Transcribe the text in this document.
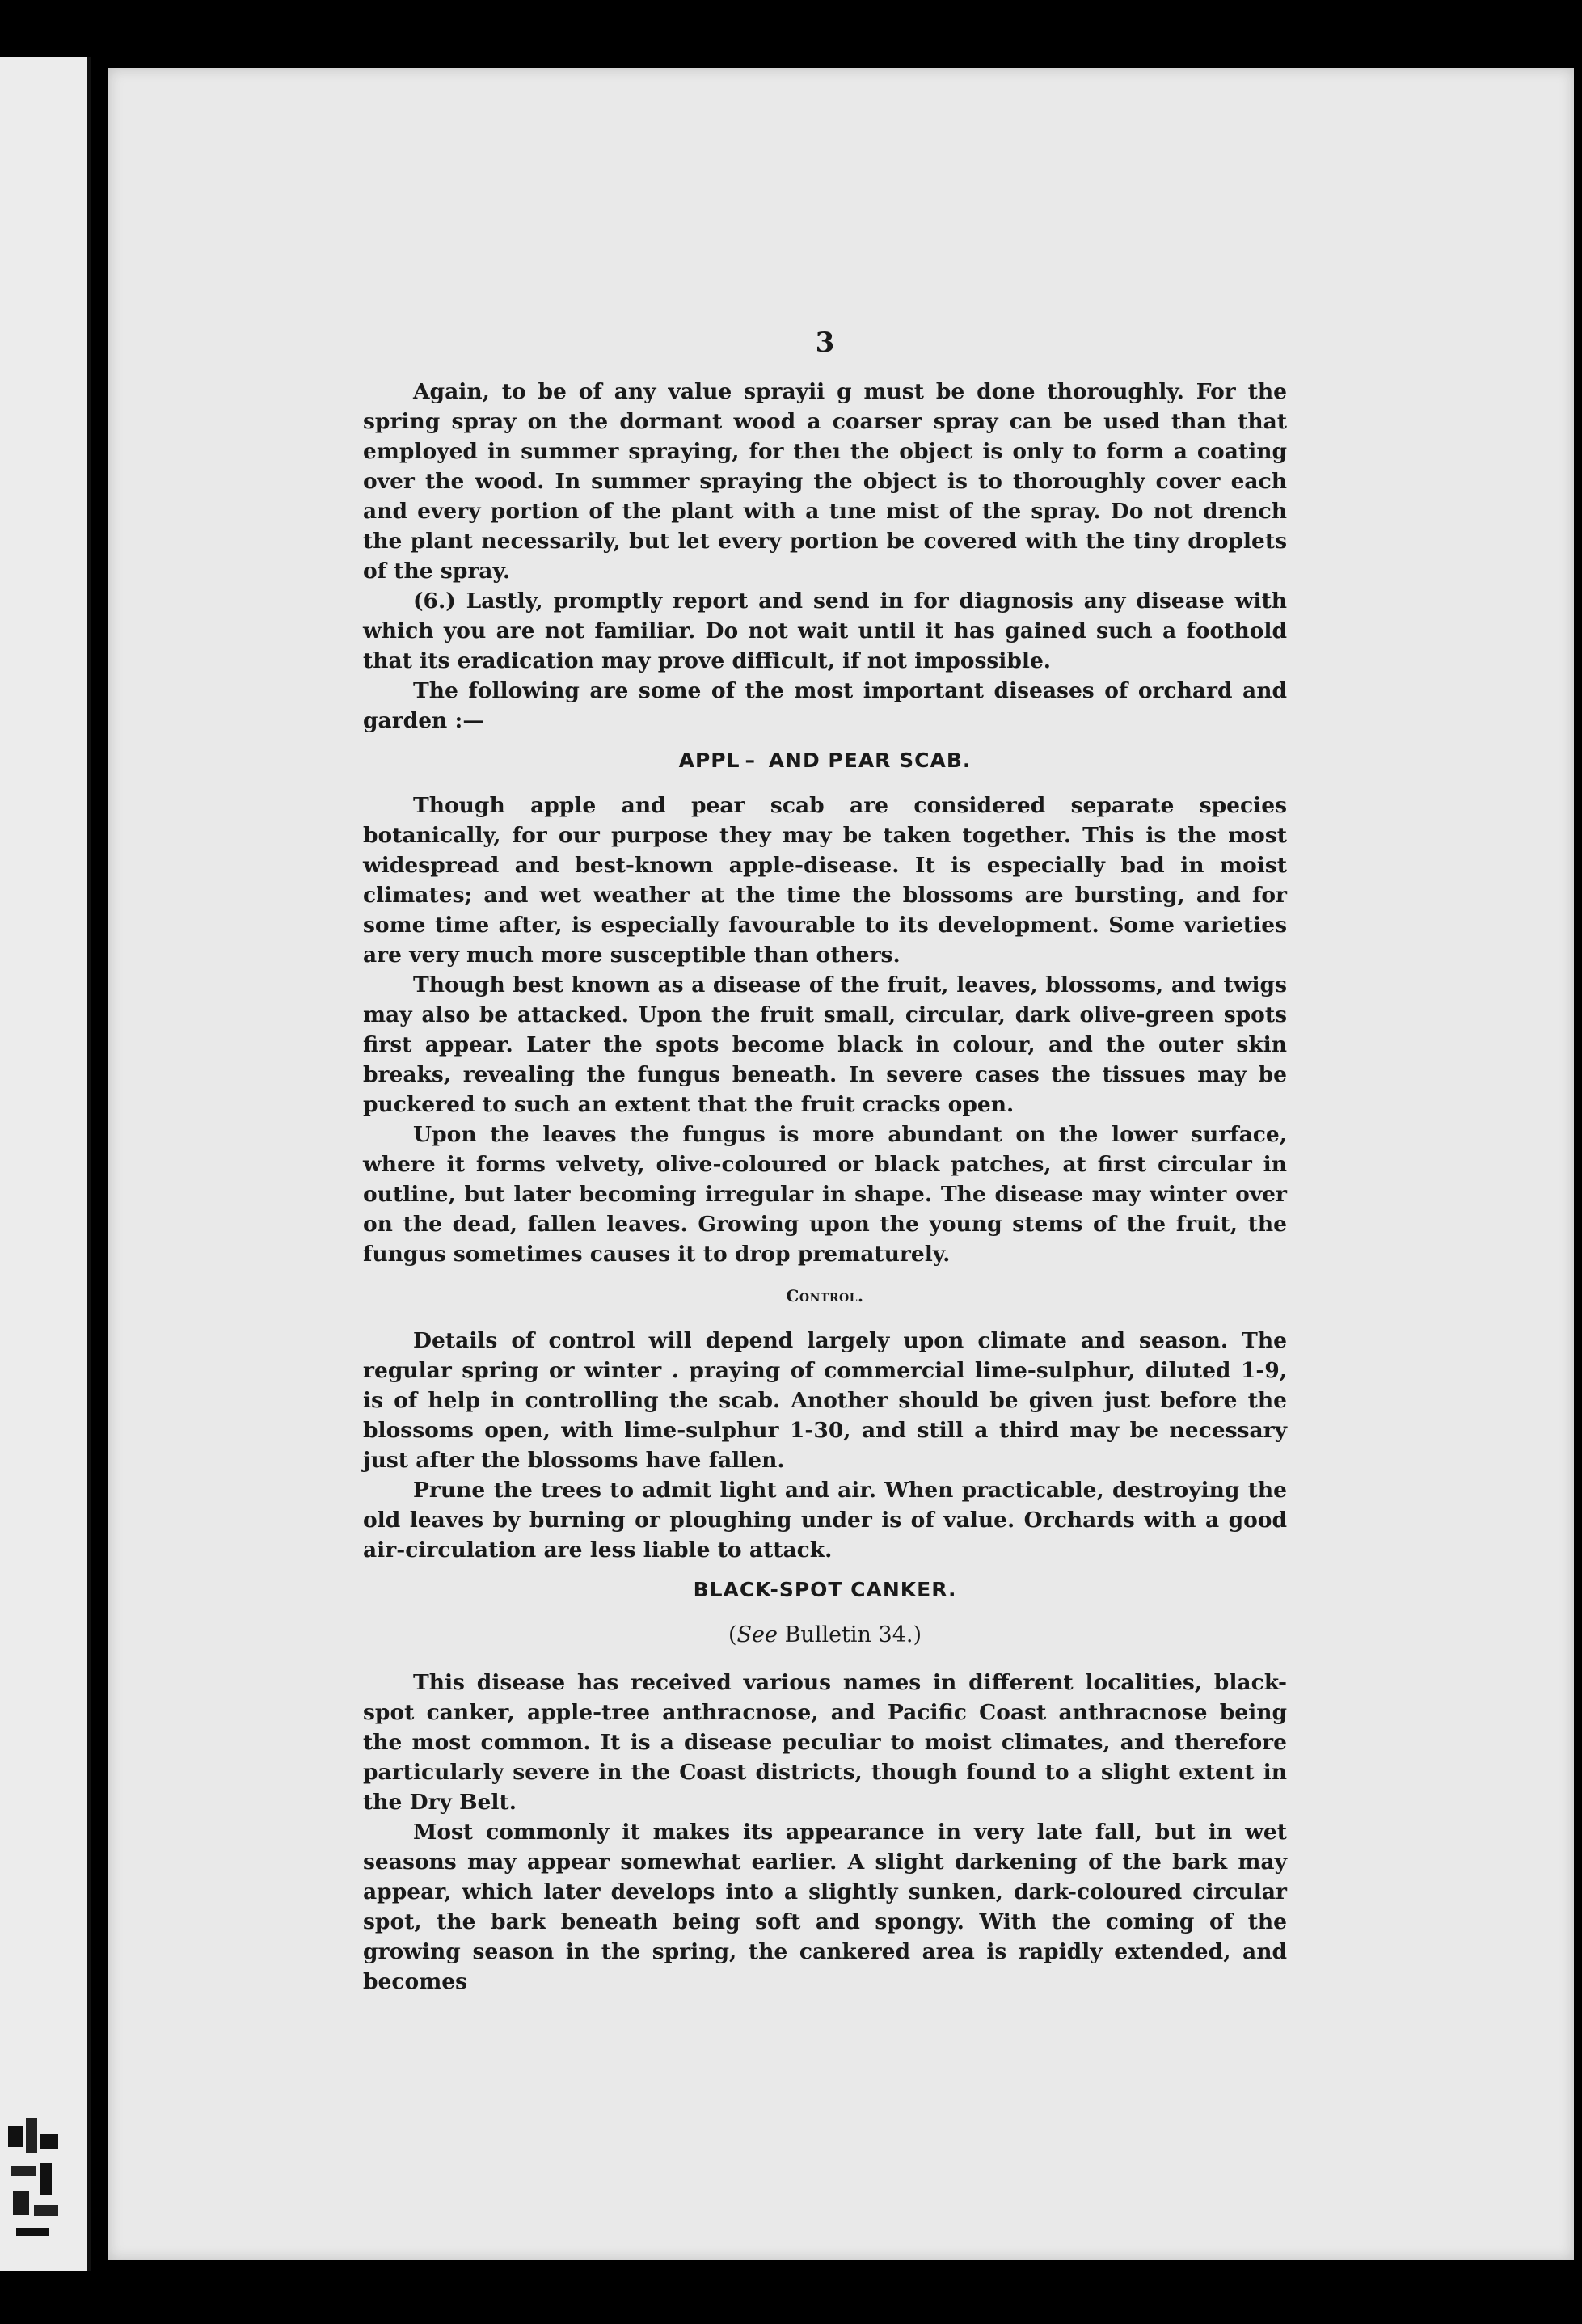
3

Again, to be of any value sprayii g must be done thoroughly. For the spring spray on the dormant wood a coarser spray can be used than that employed in summer spraying, for theı the object is only to form a coating over the wood. In summer spraying the object is to thoroughly cover each and every portion of the plant with a tıne mist of the spray. Do not drench the plant necessarily, but let every portion be covered with the tiny droplets of the spray.

(6.) Lastly, promptly report and send in for diagnosis any disease with which you are not familiar. Do not wait until it has gained such a foothold that its eradication may prove difficult, if not impossible.

The following are some of the most important diseases of orchard and garden :—

APPL –  AND PEAR SCAB.

Though apple and pear scab are considered separate species botanically, for our purpose they may be taken together. This is the most widespread and best-known apple-disease. It is especially bad in moist climates; and wet weather at the time the blossoms are bursting, and for some time after, is especially favourable to its development. Some varieties are very much more susceptible than others.

Though best known as a disease of the fruit, leaves, blossoms, and twigs may also be attacked. Upon the fruit small, circular, dark olive-green spots first appear. Later the spots become black in colour, and the outer skin breaks, revealing the fungus beneath. In severe cases the tissues may be puckered to such an extent that the fruit cracks open.

Upon the leaves the fungus is more abundant on the lower surface, where it forms velvety, olive-coloured or black patches, at first circular in outline, but later becoming irregular in shape. The disease may winter over on the dead, fallen leaves. Growing upon the young stems of the fruit, the fungus sometimes causes it to drop prematurely.

Control.

Details of control will depend largely upon climate and season. The regular spring or winter . praying of commercial lime-sulphur, diluted 1-9, is of help in controlling the scab. Another should be given just before the blossoms open, with lime-sulphur 1-30, and still a third may be necessary just after the blossoms have fallen.

Prune the trees to admit light and air. When practicable, destroying the old leaves by burning or ploughing under is of value. Orchards with a good air-circulation are less liable to attack.

BLACK-SPOT CANKER.
(See Bulletin 34.)

This disease has received various names in different localities, black-spot canker, apple-tree anthracnose, and Pacific Coast anthracnose being the most common. It is a disease peculiar to moist climates, and therefore particularly severe in the Coast districts, though found to a slight extent in the Dry Belt.

Most commonly it makes its appearance in very late fall, but in wet seasons may appear somewhat earlier. A slight darkening of the bark may appear, which later develops into a slightly sunken, dark-coloured circular spot, the bark beneath being soft and spongy. With the coming of the growing season in the spring, the cankered area is rapidly extended, and becomes
